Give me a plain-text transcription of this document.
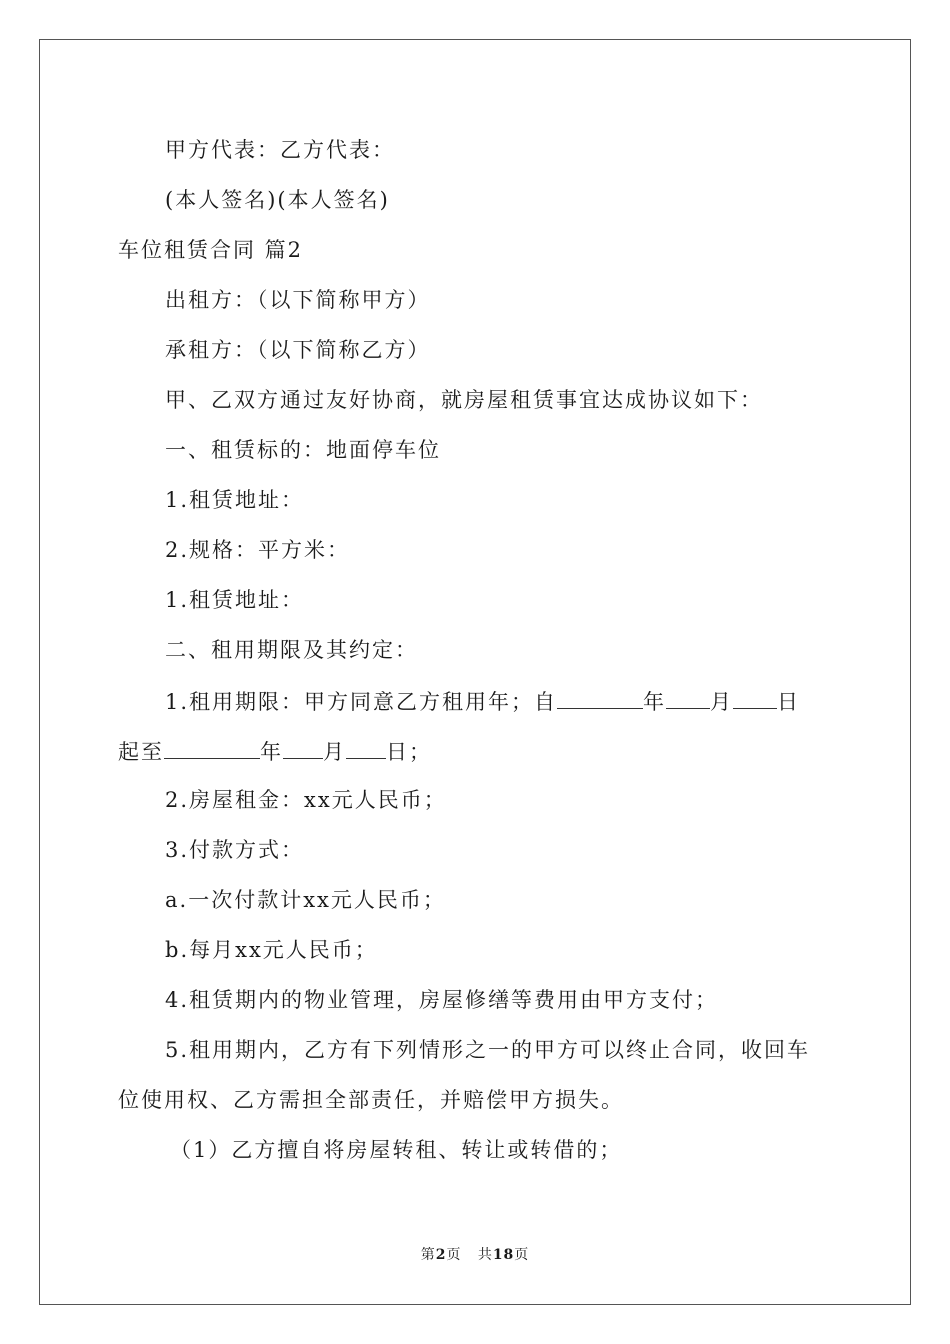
甲方代表：乙方代表：
(本人签名)(本人签名)
车位租赁合同 篇2
出租方：（以下简称甲方）
承租方：（以下简称乙方）
甲、乙双方通过友好协商，就房屋租赁事宜达成协议如下：
一、租赁标的：地面停车位
1.租赁地址：
2.规格：平方米：
1.租赁地址：
二、租用期限及其约定：
1.租用期限：甲方同意乙方租用年；自	年 月 日
起至	年 月 日；
2.房屋租金：xx元人民币；
3.付款方式：
a.一次付款计xx元人民币；
b.每月xx元人民币；
4.租赁期内的物业管理，房屋修缮等费用由甲方支付；
5.租用期内，乙方有下列情形之一的甲方可以终止合同，收回车
位使用权、乙方需担全部责任，并赔偿甲方损失。
（1）乙方擅自将房屋转租、转让或转借的；
第2页 共18页
